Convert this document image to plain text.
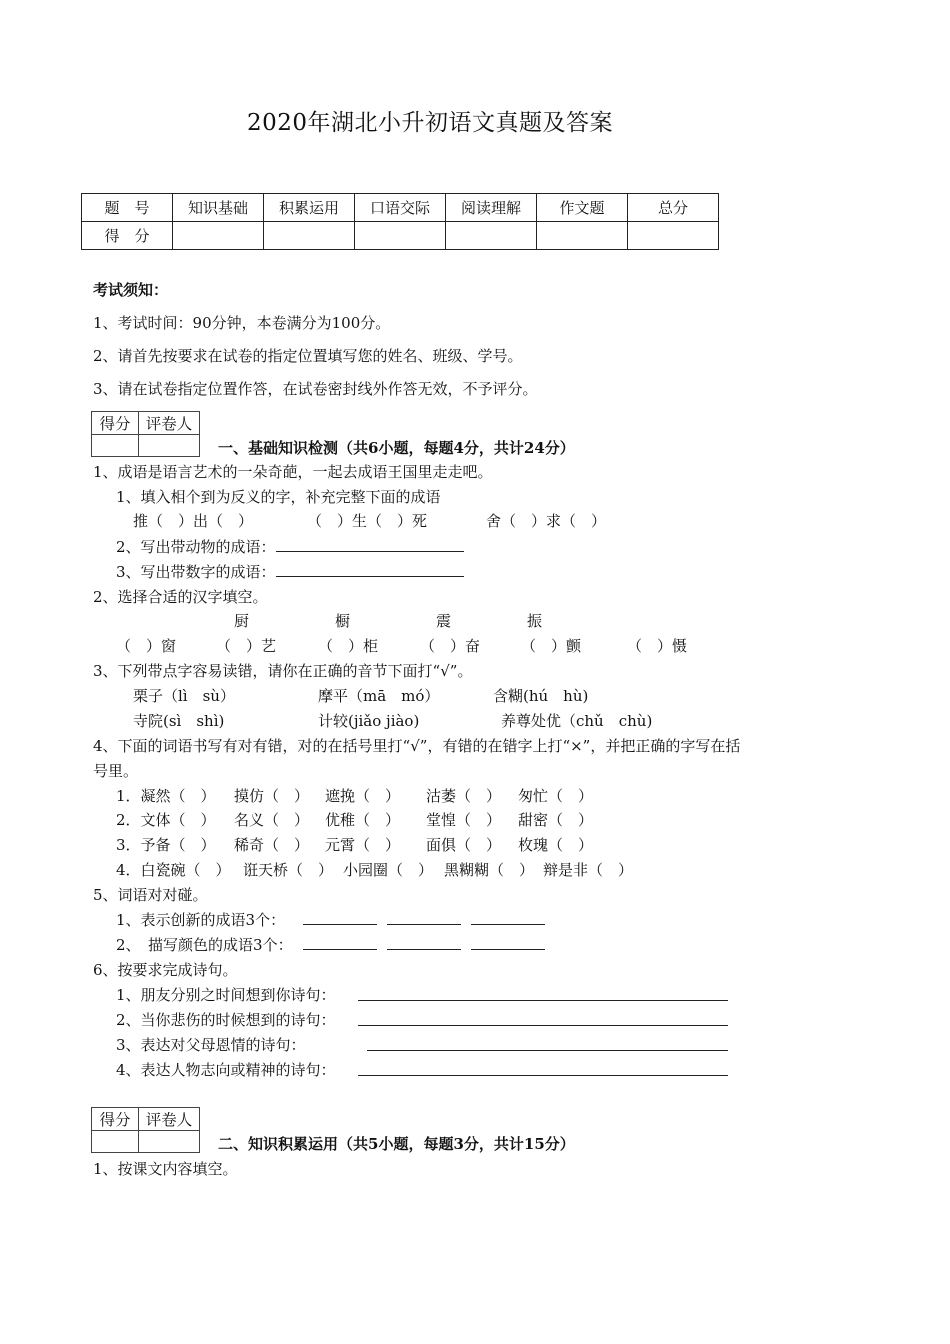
2020年湖北小升初语文真题及答案
题　号	知识基础	积累运用	口语交际	阅读理解	作文题	总分
得　分						
考试须知：
1、考试时间：90分钟，本卷满分为100分。
2、请首先按要求在试卷的指定位置填写您的姓名、班级、学号。
3、请在试卷指定位置作答，在试卷密封线外作答无效，不予评分。
得分	评卷人

一、基础知识检测（共6小题，每题4分，共计24分）
1、成语是语言艺术的一朵奇葩，一起去成语王国里走走吧。
1、填入相个到为反义的字，补充完整下面的成语
推（　）出（　）	（　）生（　）死	舍（　）求（　）
2、写出带动物的成语：
3、写出带数字的成语：
2、选择合适的汉字填空。
厨	橱	震	振
（　）窗	（　）艺	（　）柜	（　）奋	（　）颤	（　）慑
3、下列带点字容易读错，请你在正确的音节下面打“√”。
栗子（lì　sù）	摩平（mā　mó）	含糊(hú　hù)
寺院(sì　shì)	计较(jiǎo jiào)	养尊处优（chǔ　chù)
4、下面的词语书写有对有错，对的在括号里打“√”，有错的在错字上打“×”，并把正确的字写在括
号里。
1．凝然（　） 摸仿（　） 遮挽（　） 沽萎（　） 匆忙（　）
2．文体（　） 名义（　） 优稚（　） 堂惶（　） 甜密（　）
3．予备（　） 稀奇（　） 元霄（　） 面俱（　） 枚瑰（　）
4．白瓷碗（　） 诳天桥（　） 小园圈（　） 黑糊糊（　） 辩是非（　）
5、词语对对碰。
1、表示创新的成语3个：
2、　描写颜色的成语3个：
6、按要求完成诗句。
1、朋友分别之时间想到你诗句：
2、当你悲伤的时候想到的诗句：
3、表达对父母恩情的诗句：
4、表达人物志向或精神的诗句：
得分	评卷人

二、知识积累运用（共5小题，每题3分，共计15分）
1、按课文内容填空。
